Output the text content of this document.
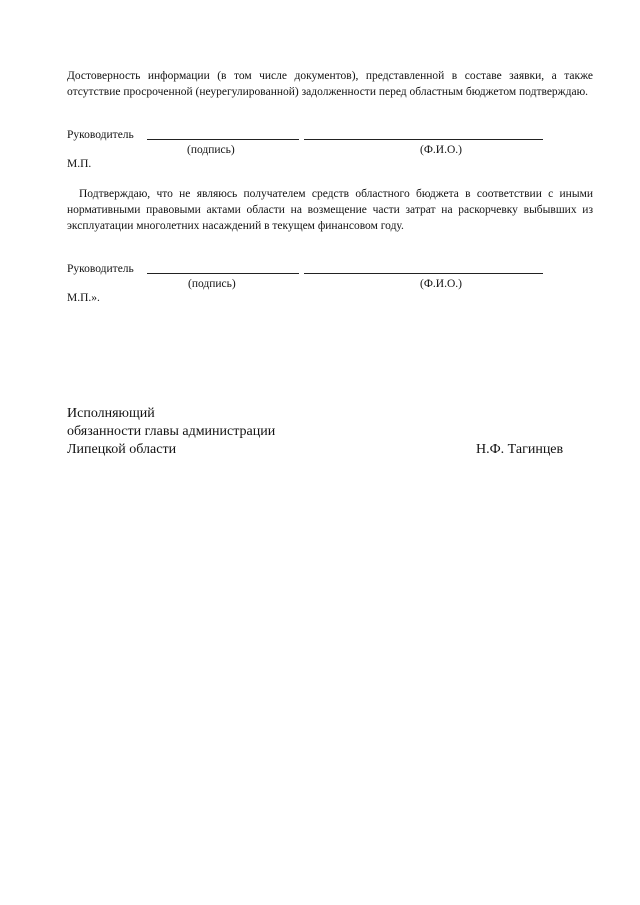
Достоверность информации (в том числе документов), представленной в составе заявки, а также отсутствие просроченной (неурегулированной) задолженности перед областным бюджетом подтверждаю.

Руководитель
(подпись)	(Ф.И.О.)
М.П.

Подтверждаю, что не являюсь получателем средств областного бюджета в соответствии с иными нормативными правовыми актами области на возмещение части затрат на раскорчевку выбывших из эксплуатации многолетних насаждений в текущем финансовом году.

Руководитель
(подпись)	(Ф.И.О.)
М.П.».
Исполняющий
обязанности главы администрации
Липецкой области	Н.Ф. Тагинцев
